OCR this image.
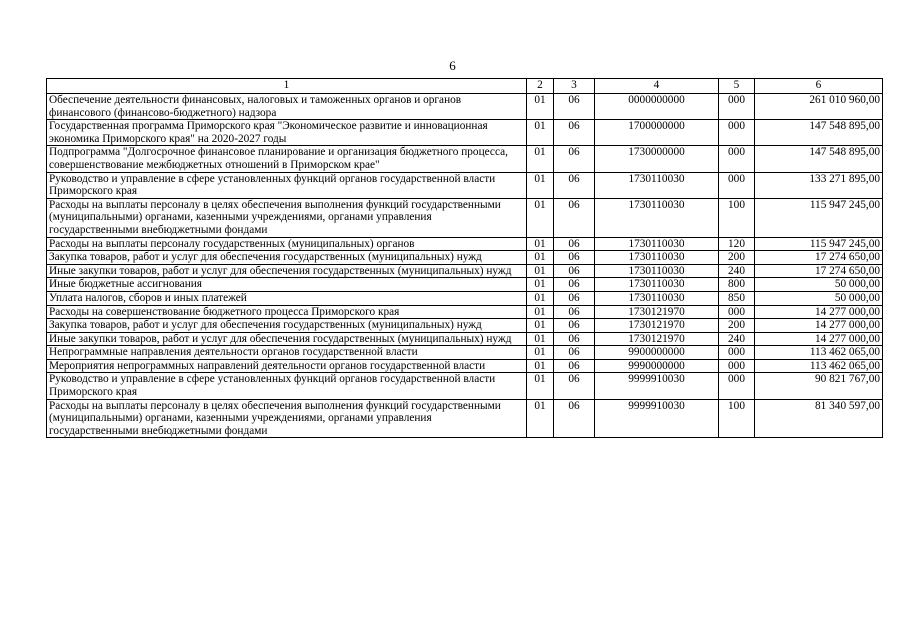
6
1	2	3	4	5	6
Обеспечение деятельности финансовых, налоговых и таможенных органов и органов финансового (финансово-бюджетного) надзора	01	06	0000000000	000	261 010 960,00
Государственная программа Приморского края "Экономическое развитие и инновационная экономика Приморского края" на 2020-2027 годы	01	06	1700000000	000	147 548 895,00
Подпрограмма "Долгосрочное финансовое планирование и организация бюджетного процесса, совершенствование межбюджетных отношений в Приморском крае"	01	06	1730000000	000	147 548 895,00
Руководство и управление в сфере установленных функций органов государственной власти Приморского края	01	06	1730110030	000	133 271 895,00
Расходы на выплаты персоналу в целях обеспечения выполнения функций государственными (муниципальными) органами, казенными учреждениями, органами управления государственными внебюджетными фондами	01	06	1730110030	100	115 947 245,00
Расходы на выплаты персоналу государственных (муниципальных) органов	01	06	1730110030	120	115 947 245,00
Закупка товаров, работ и услуг для обеспечения государственных (муниципальных) нужд	01	06	1730110030	200	17 274 650,00
Иные закупки товаров, работ и услуг для обеспечения государственных (муниципальных) нужд	01	06	1730110030	240	17 274 650,00
Иные бюджетные ассигнования	01	06	1730110030	800	50 000,00
Уплата налогов, сборов и иных платежей	01	06	1730110030	850	50 000,00
Расходы на совершенствование бюджетного процесса Приморского края	01	06	1730121970	000	14 277 000,00
Закупка товаров, работ и услуг для обеспечения государственных (муниципальных) нужд	01	06	1730121970	200	14 277 000,00
Иные закупки товаров, работ и услуг для обеспечения государственных (муниципальных) нужд	01	06	1730121970	240	14 277 000,00
Непрограммные направления деятельности органов государственной власти	01	06	9900000000	000	113 462 065,00
Мероприятия непрограммных направлений деятельности органов государственной власти	01	06	9990000000	000	113 462 065,00
Руководство и управление в сфере установленных функций органов государственной власти Приморского края	01	06	9999910030	000	90 821 767,00
Расходы на выплаты персоналу в целях обеспечения выполнения функций государственными (муниципальными) органами, казенными учреждениями, органами управления государственными внебюджетными фондами	01	06	9999910030	100	81 340 597,00
